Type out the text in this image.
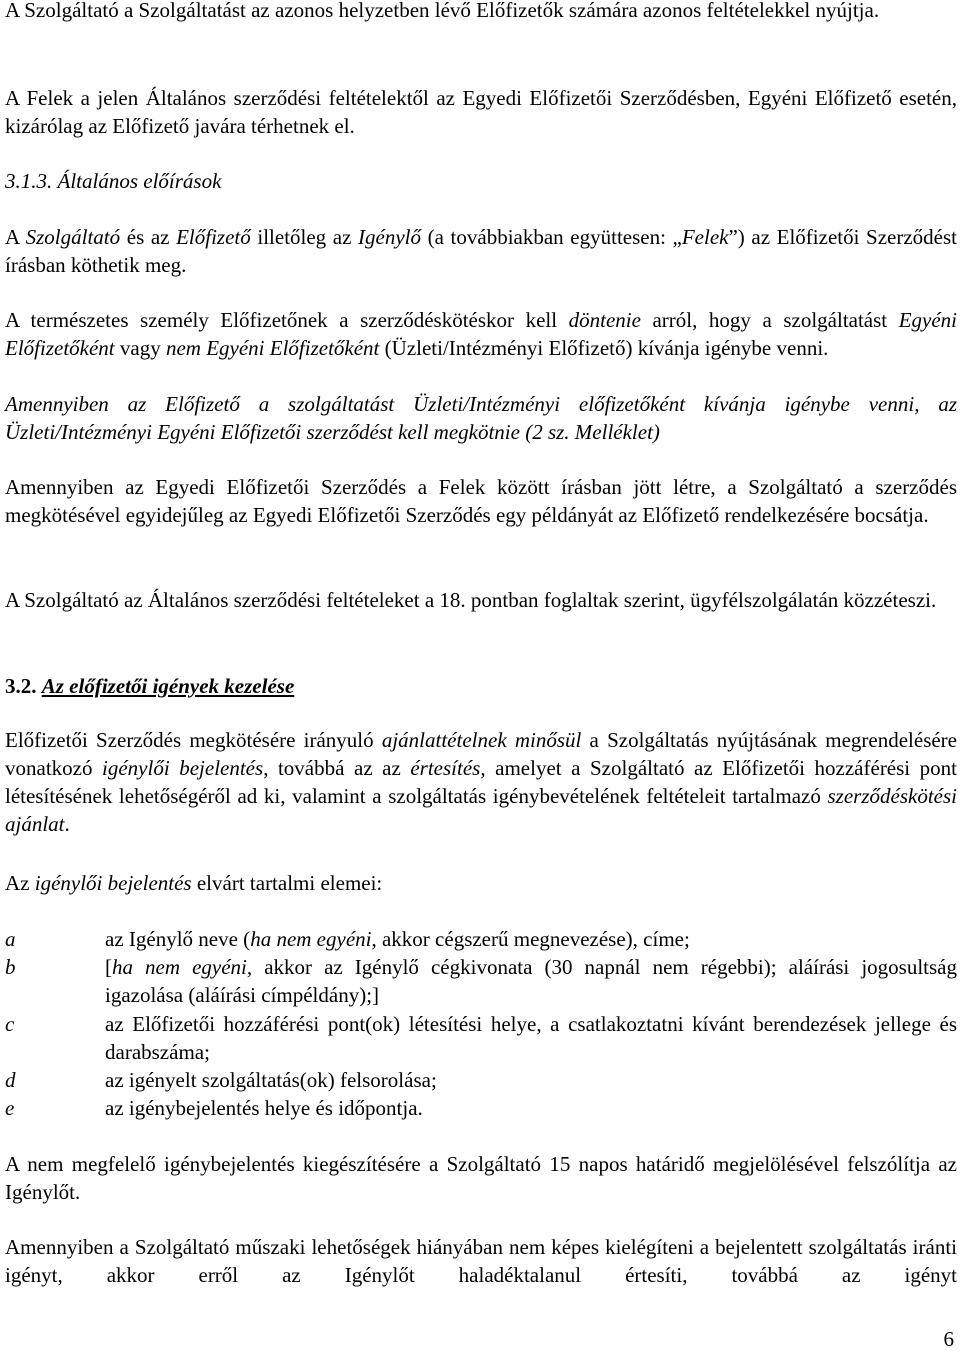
A Szolgáltató a Szolgáltatást az azonos helyzetben lévő Előfizetők számára azonos feltételekkel nyújtja.

A Felek a jelen Általános szerződési feltételektől az Egyedi Előfizetői Szerződésben, Egyéni Előfizető esetén, kizárólag az Előfizető javára térhetnek el.

3.1.3. Általános előírások

A Szolgáltató és az Előfizető illetőleg az Igénylő (a továbbiakban együttesen: „Felek”) az Előfizetői Szerződést írásban köthetik meg.

A természetes személy Előfizetőnek a szerződéskötéskor kell döntenie arról, hogy a szolgáltatást Egyéni Előfizetőként vagy nem Egyéni Előfizetőként (Üzleti/Intézményi Előfizető) kívánja igénybe venni.

Amennyiben az Előfizető a szolgáltatást Üzleti/Intézményi előfizetőként kívánja igénybe venni, az Üzleti/Intézményi Egyéni Előfizetői szerződést kell megkötnie (2 sz. Melléklet)

Amennyiben az Egyedi Előfizetői Szerződés a Felek között írásban jött létre, a Szolgáltató a szerződés megkötésével egyidejűleg az Egyedi Előfizetői Szerződés egy példányát az Előfizető rendelkezésére bocsátja.

A Szolgáltató az Általános szerződési feltételeket a 18. pontban foglaltak szerint, ügyfélszolgálatán közzéteszi.

3.2. Az előfizetői igények kezelése

Előfizetői Szerződés megkötésére irányuló ajánlattételnek minősül a Szolgáltatás nyújtásának megrendelésére vonatkozó igénylői bejelentés, továbbá az az értesítés, amelyet a Szolgáltató az Előfizetői hozzáférési pont létesítésének lehetőségéről ad ki, valamint a szolgáltatás igénybevételének feltételeit tartalmazó szerződéskötési ajánlat.

Az igénylői bejelentés elvárt tartalmi elemei:

a	az Igénylő neve (ha nem egyéni, akkor cégszerű megnevezése), címe;
b	[ha nem egyéni, akkor az Igénylő cégkivonata (30 napnál nem régebbi); aláírási jogosultság igazolása (aláírási címpéldány);]
c	az Előfizetői hozzáférési pont(ok) létesítési helye, a csatlakoztatni kívánt berendezések jellege és darabszáma;
d	az igényelt szolgáltatás(ok) felsorolása;
e	az igénybejelentés helye és időpontja.

A nem megfelelő igénybejelentés kiegészítésére a Szolgáltató 15 napos határidő megjelölésével felszólítja az Igénylőt.

Amennyiben a Szolgáltató műszaki lehetőségek hiányában nem képes kielégíteni a bejelentett szolgáltatás iránti igényt, akkor erről az Igénylőt haladéktalanul értesíti, továbbá az igényt

6
